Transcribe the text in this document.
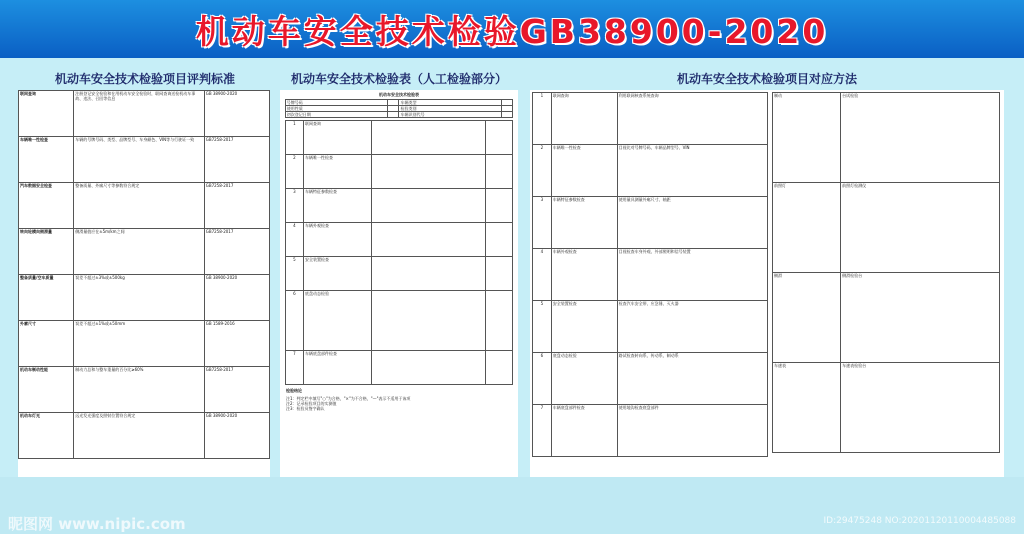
机动车安全技术检验GB38900-2020
机动车安全技术检验项目评判标准
联网查询	注册登记安全检验和在用机动车安全检验时，联网查询送检机动车事故、违法、召回等信息	GB 38900-2020
车辆唯一性检查	车辆的号牌号码、类型、品牌型号、车身颜色、VIN等与行驶证一致	GB7258-2017
汽车数据安全检查	整备质量、外廓尺寸等参数符合规定	GB7258-2017
转向轮横向侧滑量	侧滑量值应在±5m/km之间	GB7258-2017
整备质量/空车质量	误差不超过±3%或±500kg	GB 38900-2020
外廓尺寸	误差不超过±1%或±50mm	GB 1589-2016
机动车制动性能	制动力总和与整车重量的百分比≥60%	GB7258-2017
机动车灯光	远光发光强度及照射位置符合规定	GB 38900-2020
机动车安全技术检验表（人工检验部分）
机动车安全技术检验表
号牌号码		车辆类型	
使用性质		检验类别	
初次登记日期		车辆识别代号	
1	联网查询		
2	车辆唯一性检查		
3	车辆特征参数检查		
4	车辆外观检查		
5	安全装置检查		
6	底盘动态检验		
7	车辆底盘部件检查		
检验结论
注1：判定栏中填写"○"为合格，"×"为不合格，"—"表示不适用于该项
注2：记录检验项目的实测值
注3：检验员签字确认
机动车安全技术检验项目对应方法
1	联网查询	利用联网核查系统查询
2	车辆唯一性检查	目视比对号牌号码、车辆品牌型号、VIN
3	车辆特征参数检查	使用量具测量外廓尺寸、轴距
4	车辆外观检查	目视检查车身外观、外部照明和信号装置
5	安全装置检查	检查汽车安全带、应急锤、灭火器
6	底盘动态检验	路试检查转向系、传动系、制动系
7	车辆底盘部件检查	使用地沟检查底盘部件
制动	台试检验
前照灯	前照灯检测仪
侧滑	侧滑检验台
车速表	车速表检验台
昵图网 www.nipic.com	ID:29475248 NO:20201120110004485088
